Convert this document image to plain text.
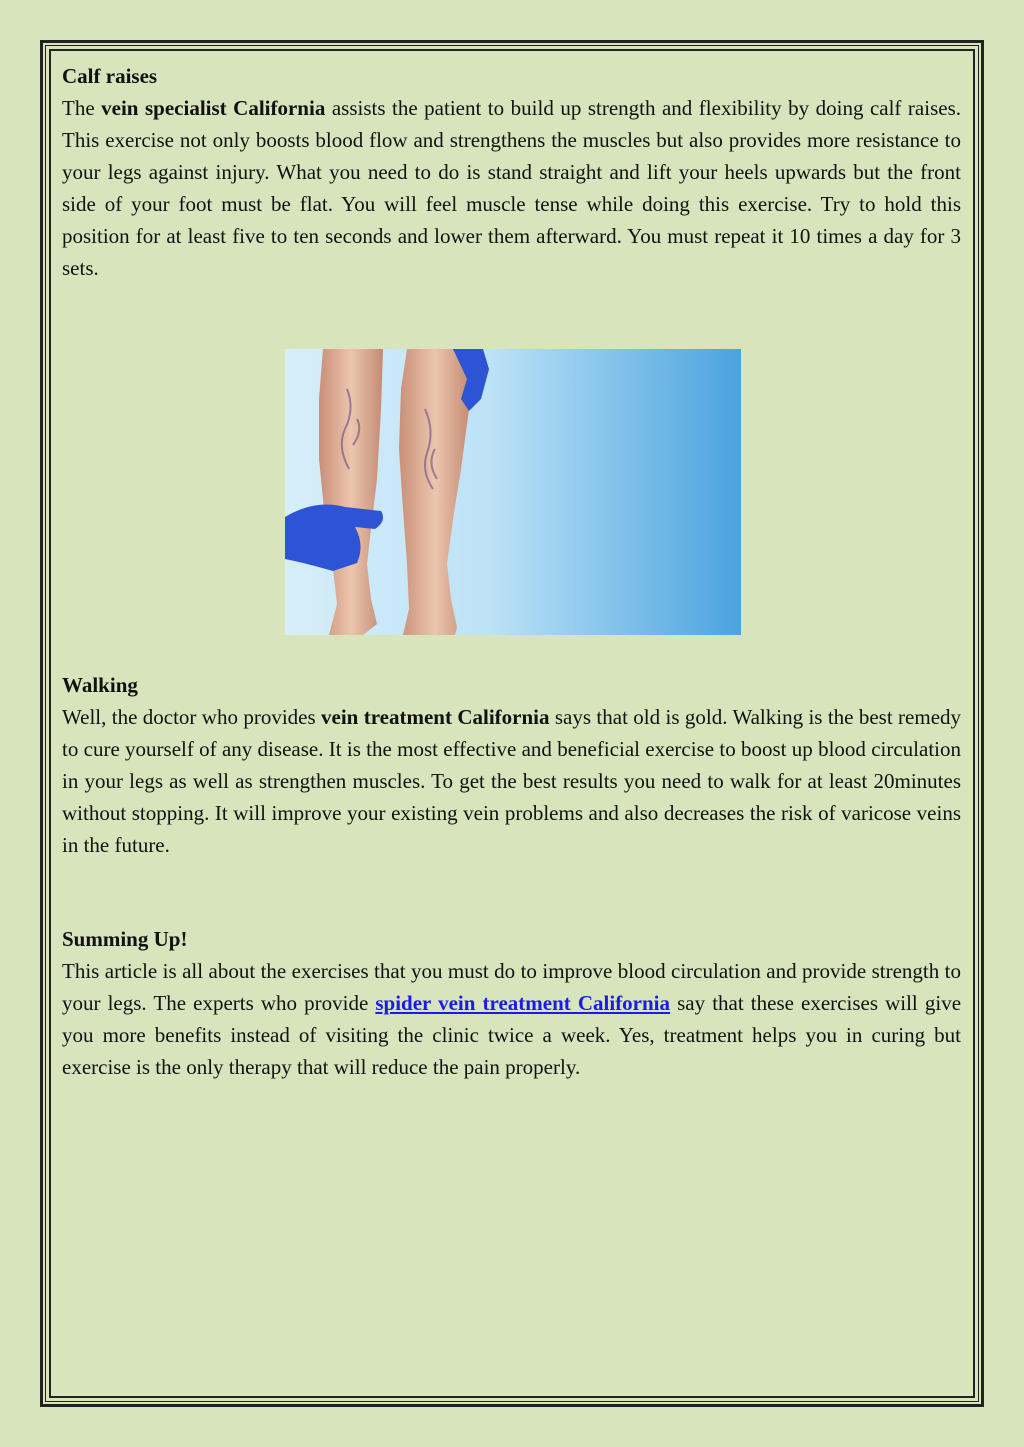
Calf raises

The vein specialist California assists the patient to build up strength and flexibility by doing calf raises. This exercise not only boosts blood flow and strengthens the muscles but also provides more resistance to your legs against injury. What you need to do is stand straight and lift your heels upwards but the front side of your foot must be flat. You will feel muscle tense while doing this exercise. Try to hold this position for at least five to ten seconds and lower them afterward. You must repeat it 10 times a day for 3 sets.

Walking

Well, the doctor who provides vein treatment California says that old is gold. Walking is the best remedy to cure yourself of any disease. It is the most effective and beneficial exercise to boost up blood circulation in your legs as well as strengthen muscles. To get the best results you need to walk for at least 20minutes without stopping. It will improve your existing vein problems and also decreases the risk of varicose veins in the future.

Summing Up!

This article is all about the exercises that you must do to improve blood circulation and provide strength to your legs. The experts who provide spider vein treatment California say that these exercises will give you more benefits instead of visiting the clinic twice a week. Yes, treatment helps you in curing but exercise is the only therapy that will reduce the pain properly.
